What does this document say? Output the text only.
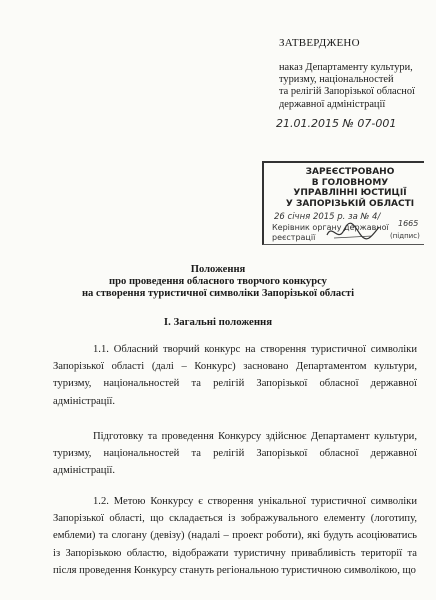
ЗАТВЕРДЖЕНО
наказ Департаменту культури,
туризму, національностей
та релігій Запорізької обласної
державної адміністрації
21.01.2015 № 07-001
ЗАРЕЄСТРОВАНО
В ГОЛОВНОМУ
УПРАВЛІННІ ЮСТИЦІЇ
У ЗАПОРІЗЬКІЙ ОБЛАСТІ
26 січня 2015 р. за № 4/
Керівник органу державної
реєстрації
1665
(підпис)
Положення
про проведення обласного творчого конкурсу
на створення туристичної символіки Запорізької області
І. Загальні положення
1.1. Обласний творчий конкурс на створення туристичної символіки Запорізької області (далі – Конкурс) засновано Департаментом культури, туризму, національностей та релігій Запорізької обласної державної адміністрації.
Підготовку та проведення Конкурсу здійснює Департамент культури, туризму, національностей та релігій Запорізької обласної державної адміністрації.
1.2. Метою Конкурсу є створення унікальної туристичної символіки Запорізької області, що складається із зображувального елементу (логотипу, емблеми) та слогану (девізу) (надалі – проект роботи), які будуть асоціюватись із Запорізькою областю, відображати туристичну привабливість території та після проведення Конкурсу стануть регіональною туристичною символікою, що
